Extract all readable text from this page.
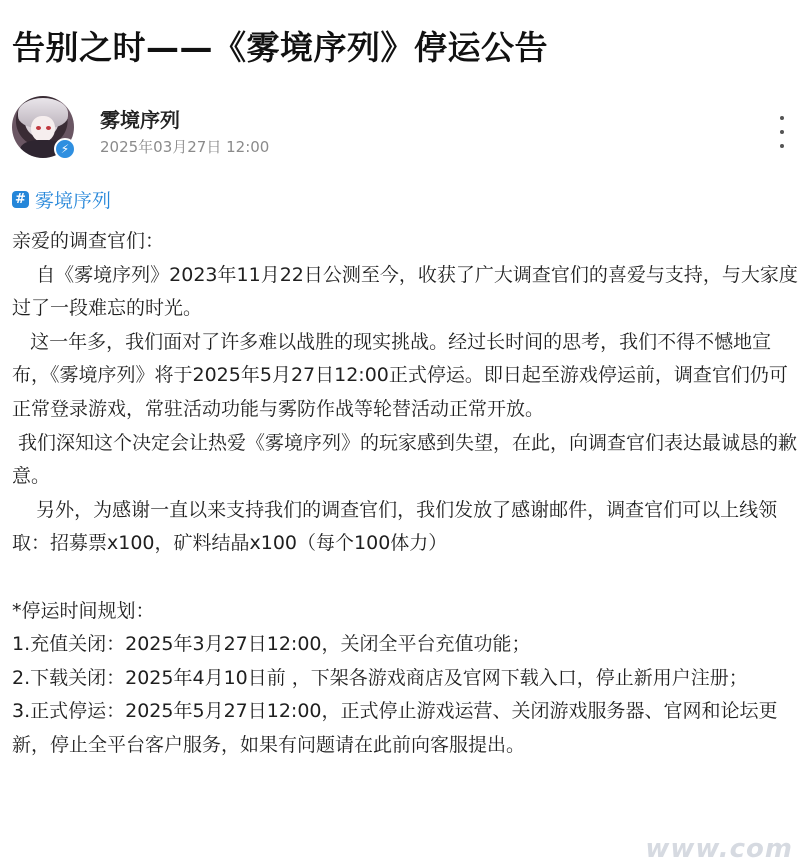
告别之时——《雾境序列》停运公告
⚡
雾境序列
2025年03月27日 12:00
# 雾境序列

亲爱的调查官们：

自《雾境序列》2023年11月22日公测至今，收获了广大调查官们的喜爱与支持，与大家度过了一段难忘的时光。

这一年多，我们面对了许多难以战胜的现实挑战。经过长时间的思考，我们不得不憾地宣布，《雾境序列》将于2025年5月27日12:00正式停运。即日起至游戏停运前，调查官们仍可正常登录游戏，常驻活动功能与雾防作战等轮替活动正常开放。

我们深知这个决定会让热爱《雾境序列》的玩家感到失望，在此，向调查官们表达最诚恳的歉意。

另外，为感谢一直以来支持我们的调查官们，我们发放了感谢邮件，调查官们可以上线领取：招募票x100，矿料结晶x100（每个100体力）

*停运时间规划：

1.充值关闭：2025年3月27日12:00，关闭全平台充值功能；

2.下载关闭：2025年4月10日前 ，下架各游戏商店及官网下载入口，停止新用户注册；

3.正式停运：2025年5月27日12:00，正式停止游戏运营、关闭游戏服务器、官网和论坛更新，停止全平台客户服务，如果有问题请在此前向客服提出。

www.com
